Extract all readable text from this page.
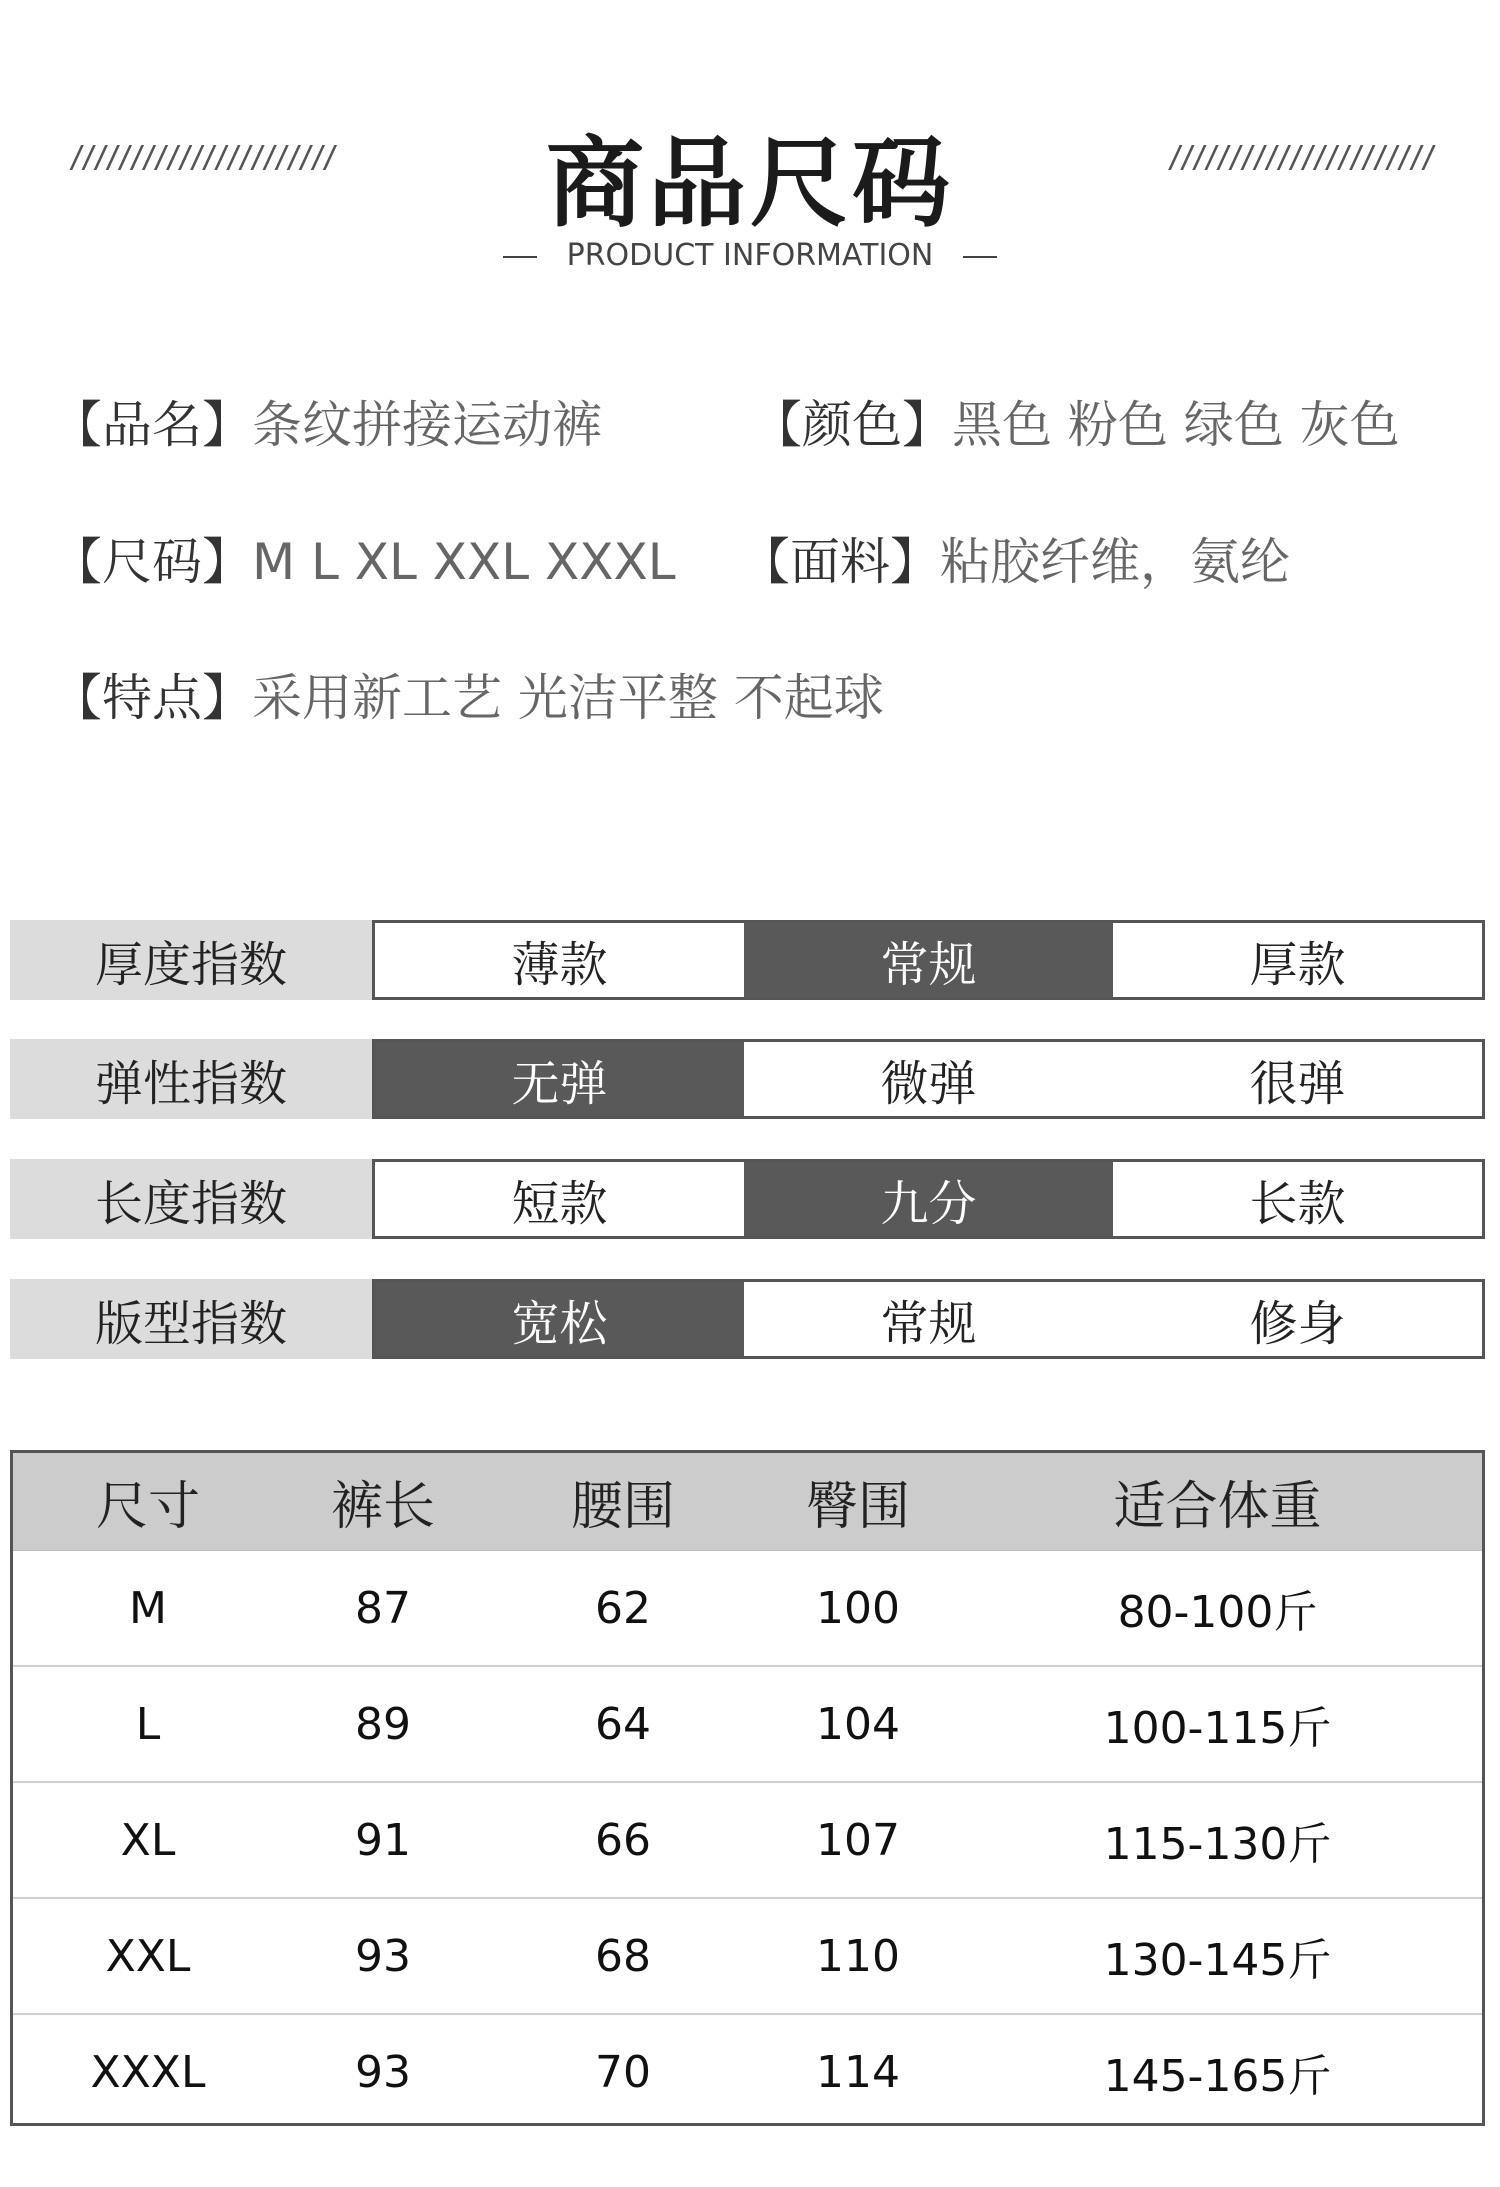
//////////////////////	//////////////////////
商品尺码
PRODUCT INFORMATION
【品名】条纹拼接运动裤	【颜色】黑色 粉色 绿色 灰色
【尺码】M L XL XXL XXXL 【面料】粘胶纤维，氨纶
【特点】采用新工艺 光洁平整 不起球
厚度指数	薄款	常规	厚款
弹性指数	无弹	微弹	很弹
长度指数	短款	九分	长款
版型指数	宽松	常规	修身
尺寸	裤长	腰围	臀围	适合体重
M	87	62	100	80-100斤
L	89	64	104	100-115斤
XL	91	66	107	115-130斤
XXL	93	68	110	130-145斤
XXXL	93	70	114	145-165斤
